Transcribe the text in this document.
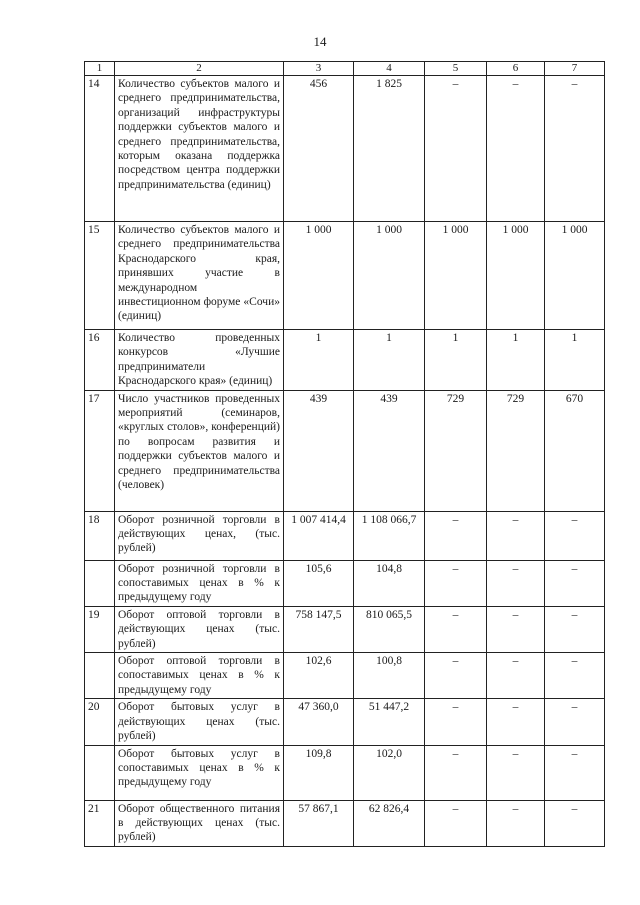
14
1	2	3	4	5	6	7
14	Количество субъектов малого и среднего предпринимательства, организаций инфраструктуры поддержки субъектов малого и среднего предпринимательства, которым оказана поддержка посредством центра поддержки предпринимательства (единиц)	456	1 825	–	–	–
15	Количество субъектов малого и среднего предпринимательства Краснодарского края, принявших участие в международном инвестиционном форуме «Сочи» (единиц)	1 000	1 000	1 000	1 000	1 000
16	Количество проведенных конкурсов «Лучшие предприниматели Краснодарского края» (единиц)	1	1	1	1	1
17	Число участников проведенных мероприятий (семинаров, «круглых столов», конференций) по вопросам развития и поддержки субъектов малого и среднего предпринимательства (человек)	439	439	729	729	670
18	Оборот розничной торговли в действующих ценах, (тыс. рублей)	1 007 414,4	1 108 066,7	–	–	–
	Оборот розничной торговли в сопоставимых ценах в % к предыдущему году	105,6	104,8	–	–	–
19	Оборот оптовой торговли в действующих ценах (тыс. рублей)	758 147,5	810 065,5	–	–	–
	Оборот оптовой торговли в сопоставимых ценах в % к предыдущему году	102,6	100,8	–	–	–
20	Оборот бытовых услуг в действующих ценах (тыс. рублей)	47 360,0	51 447,2	–	–	–
	Оборот бытовых услуг в сопоставимых ценах в % к предыдущему году	109,8	102,0	–	–	–
21	Оборот общественного питания в действующих ценах (тыс. рублей)	57 867,1	62 826,4	–	–	–
